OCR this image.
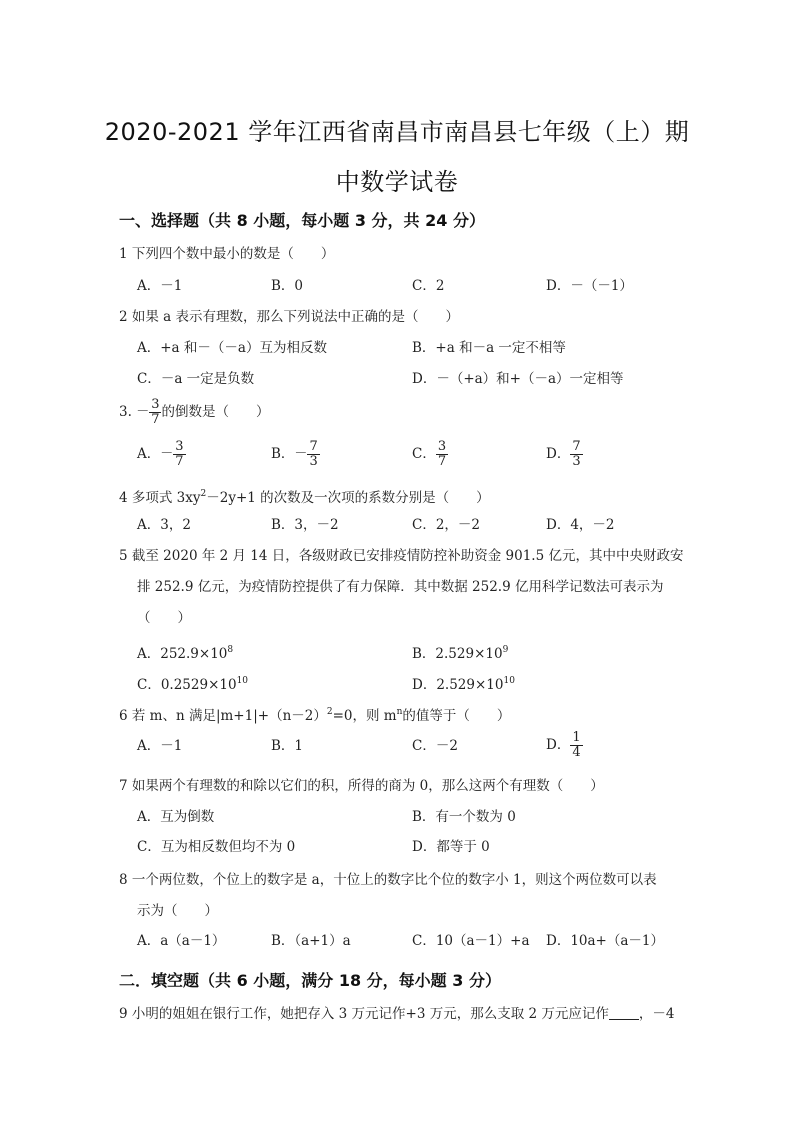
2020-2021 学年江西省南昌市南昌县七年级（上）期
中数学试卷
一、选择题（共 8 小题，每小题 3 分，共 24 分）
1 下列四个数中最小的数是（　　）
A．－1	B．0	C．2	D．－（－1）
2 如果 a 表示有理数，那么下列说法中正确的是（　　）
A．+a 和－（－a）互为相反数	B．+a 和－a 一定不相等
C．－a 一定是负数	D．－（+a）和+（－a）一定相等
3. － $\frac{3}{7}$ 的倒数是（　　）
A．－ $\frac{3}{7}$	B．－ $\frac{7}{3}$	C． $\frac{3}{7}$	D． $\frac{7}{3}$
4 多项式 $3xy^2-2y+1$ 的次数及一次项的系数分别是（　　）
A．3，2	B．3，－2	C．2，－2	D．4，－2
5 截至 2020 年 2 月 14 日，各级财政已安排疫情防控补助资金 901.5 亿元，其中中央财政安
排 252.9 亿元，为疫情防控提供了有力保障．其中数据 252.9 亿用科学记数法可表示为
（　　）
A．$252.9\times 10^8$	B．$2.529\times 10^9$
C．$0.2529\times 10^{10}$	D．$2.529\times 10^{10}$
6 若 m、n 满足$|m+1|+(n-2)^2=0$，则 $m^n$的值等于（　　）
A．－1	B．1	C．－2	D． $\frac{1}{4}$
7 如果两个有理数的和除以它们的积，所得的商为 0，那么这两个有理数（　　）
A．互为倒数	B．有一个数为 0
C．互为相反数但均不为 0	D．都等于 0
8 一个两位数，个位上的数字是 a，十位上的数字比个位的数字小 1，则这个两位数可以表
示为（　　）
A．a（a－1）	B．（a+1）a	C．10（a－1）+a D．10a+（a－1）
二．填空题（共 6 小题，满分 18 分，每小题 3 分）
9 小明的姐姐在银行工作，她把存入 3 万元记作+3 万元，那么支取 2 万元应记作 ，－4
